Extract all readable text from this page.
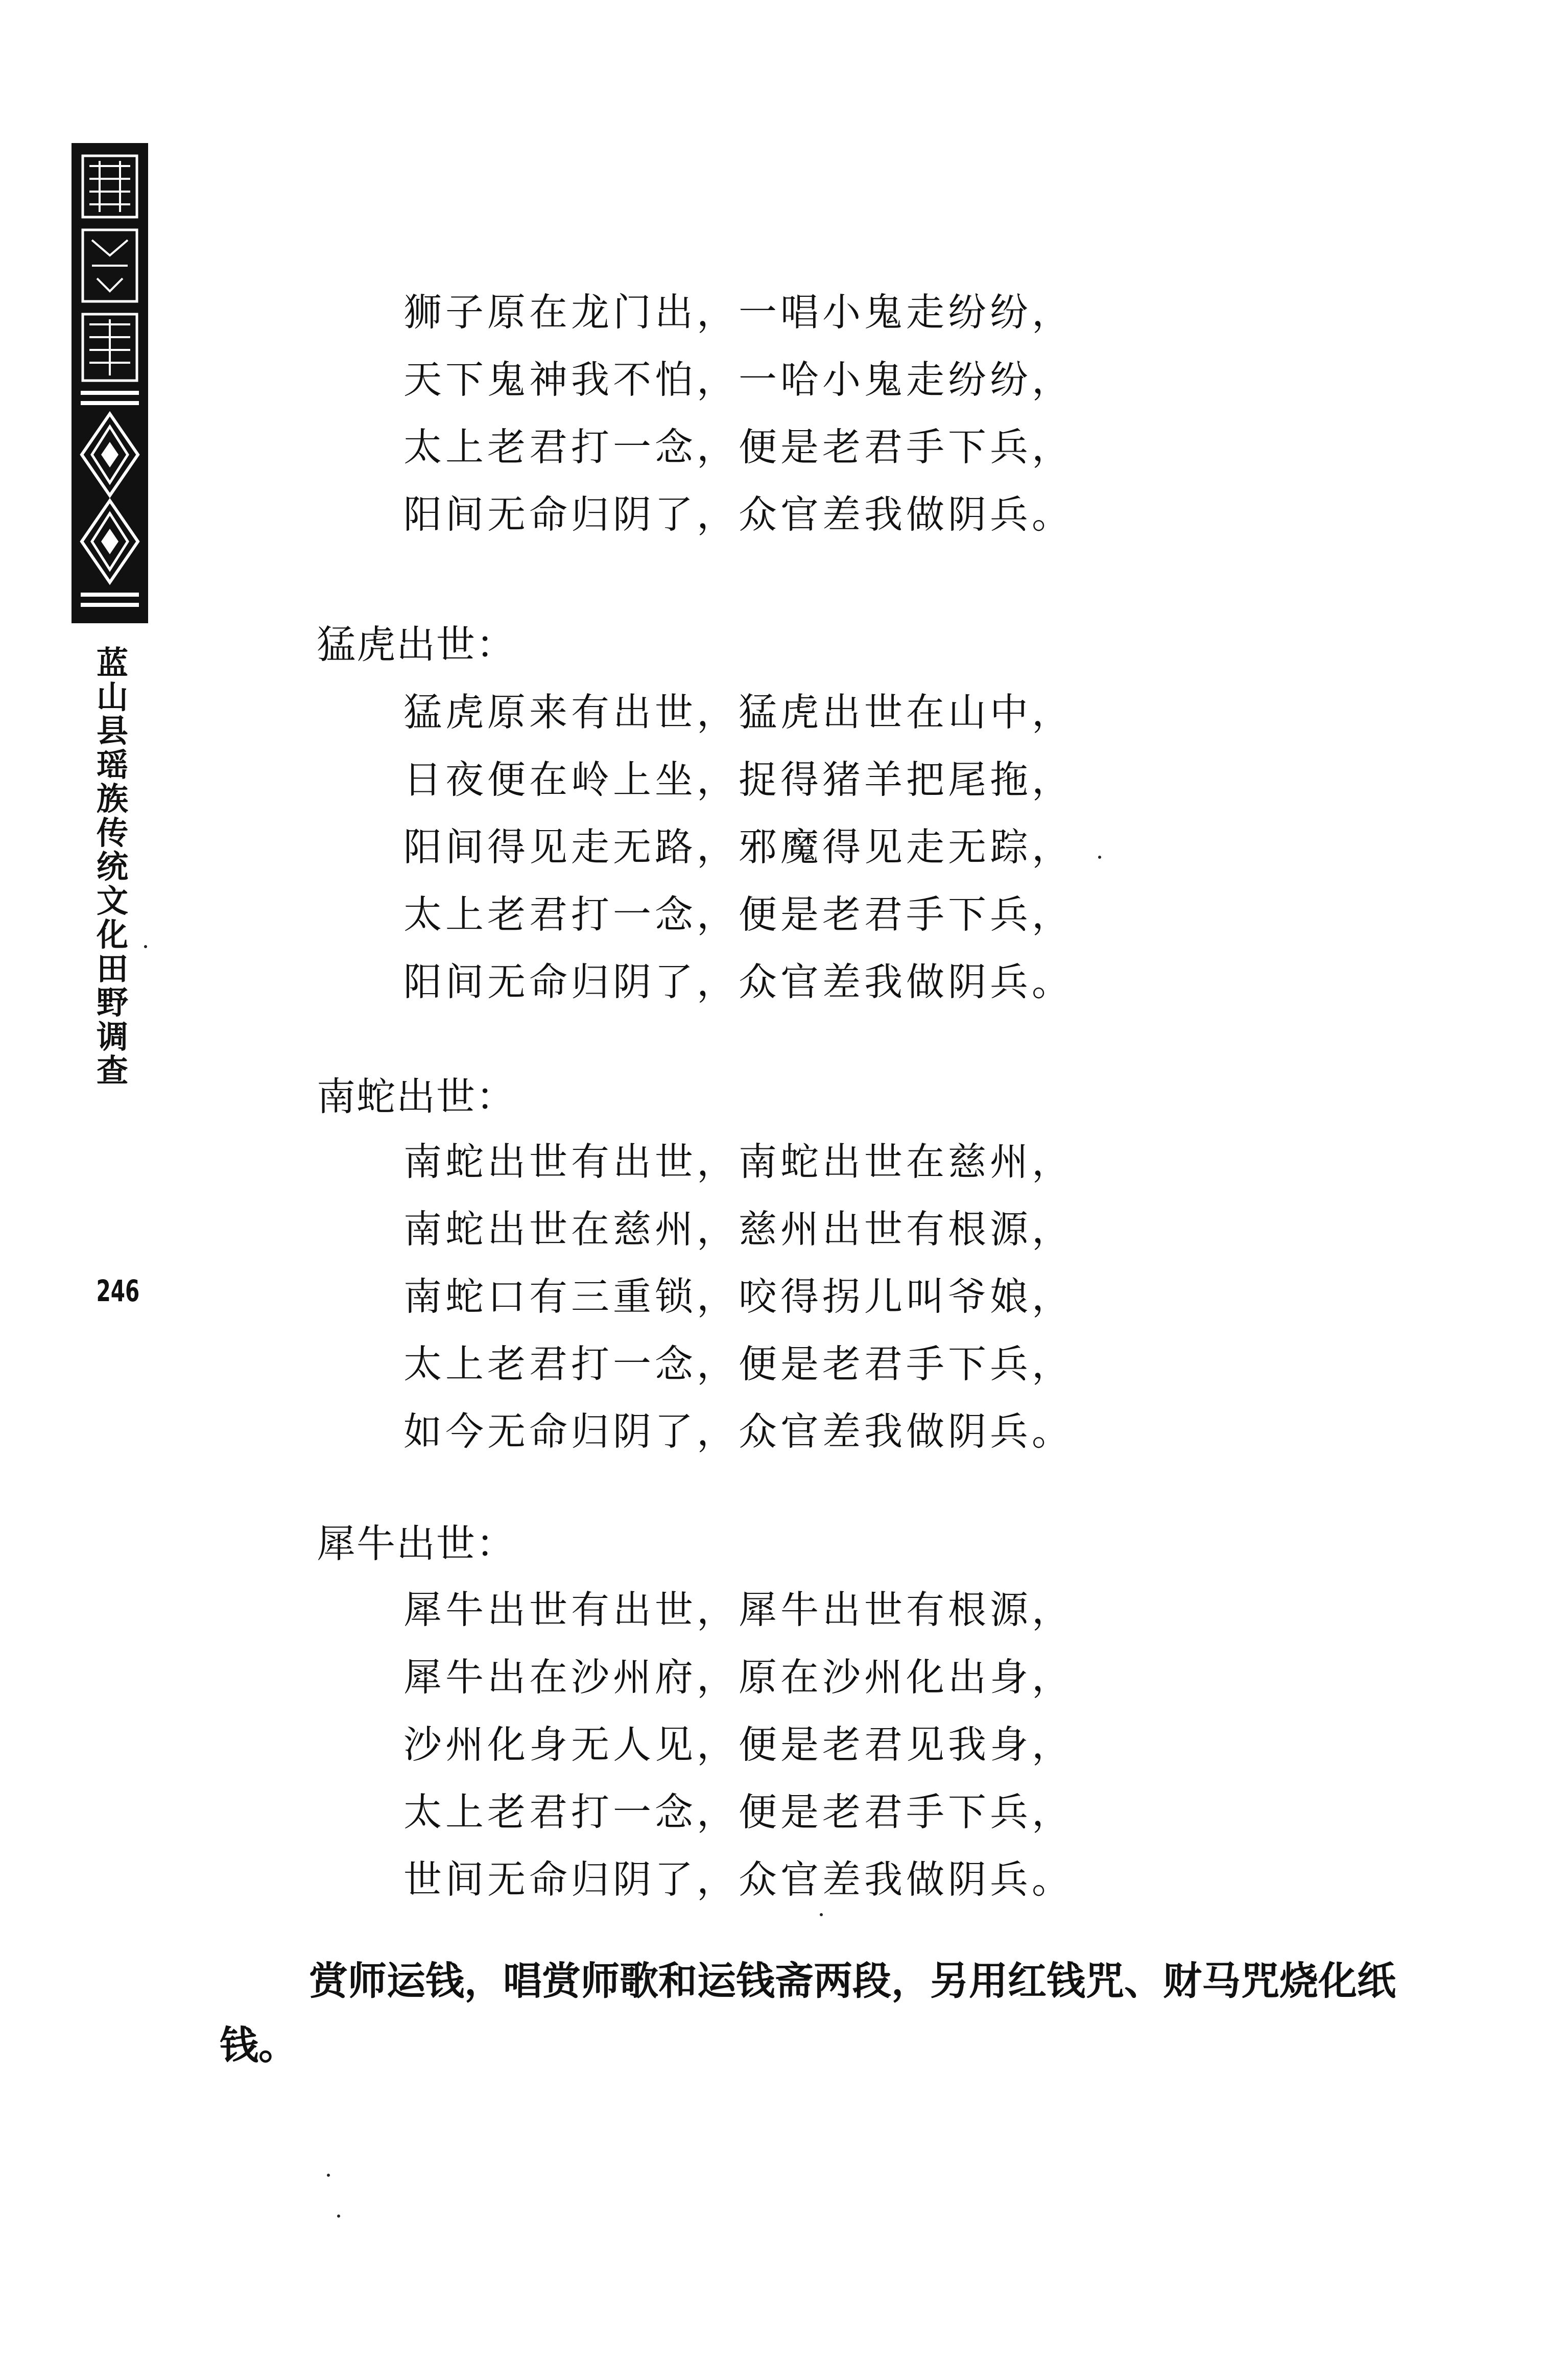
蓝山县瑶族传统文化田野调查
246
狮子原在龙门出，一唱小鬼走纷纷，
天下鬼神我不怕，一哈小鬼走纷纷，
太上老君打一念，便是老君手下兵，
阳间无命归阴了，众官差我做阴兵。
猛虎出世：
猛虎原来有出世，猛虎出世在山中，
日夜便在岭上坐，捉得猪羊把尾拖，
阳间得见走无路，邪魔得见走无踪，
太上老君打一念，便是老君手下兵，
阳间无命归阴了，众官差我做阴兵。
南蛇出世：
南蛇出世有出世，南蛇出世在慈州，
南蛇出世在慈州，慈州出世有根源，
南蛇口有三重锁，咬得拐儿叫爷娘，
太上老君打一念，便是老君手下兵，
如今无命归阴了，众官差我做阴兵。
犀牛出世：
犀牛出世有出世，犀牛出世有根源，
犀牛出在沙州府，原在沙州化出身，
沙州化身无人见，便是老君见我身，
太上老君打一念，便是老君手下兵，
世间无命归阴了，众官差我做阴兵。

赏师运钱，唱赏师歌和运钱斋两段，另用红钱咒、财马咒烧化纸钱。
